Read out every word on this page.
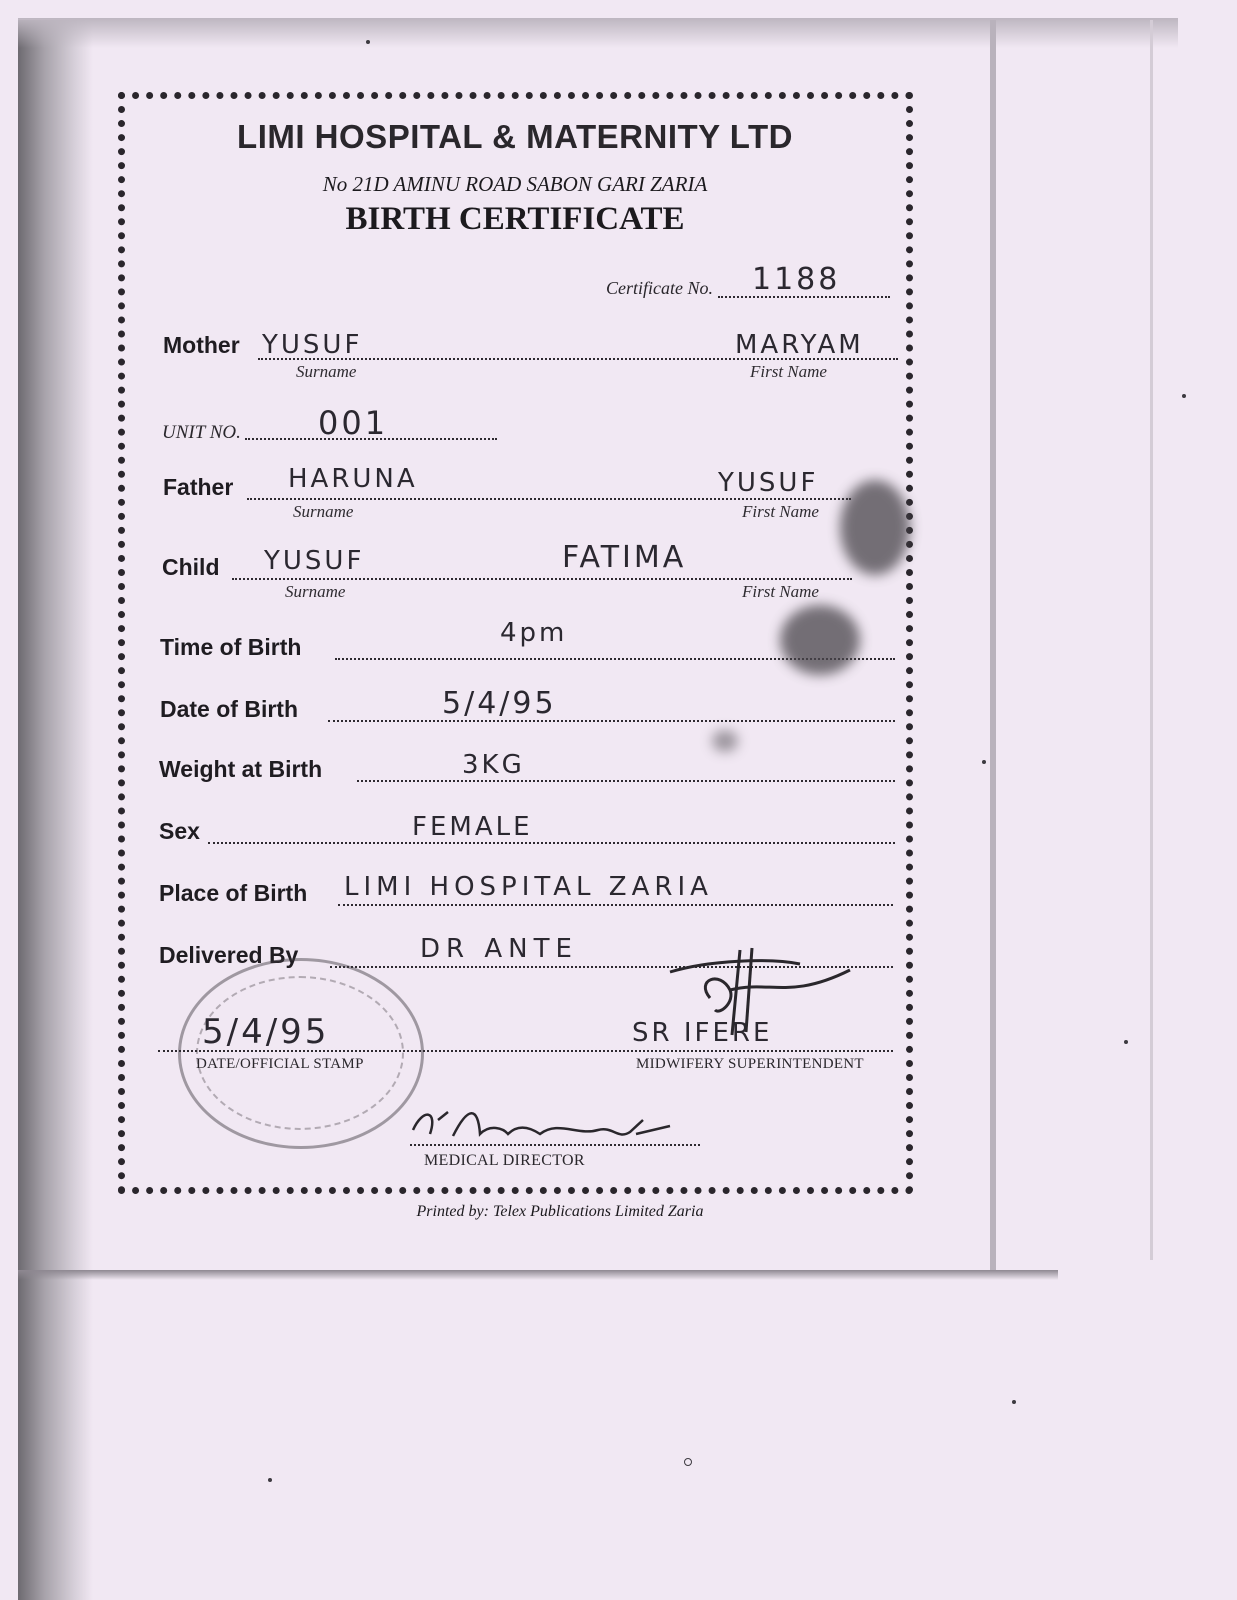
LIMI HOSPITAL & MATERNITY LTD
No 21D AMINU ROAD SABON GARI ZARIA
BIRTH CERTIFICATE
Certificate No. 1188
Mother YUSUF	MARYAM
Surname	First Name
UNIT NO. 001
Father HARUNA	YUSUF
Surname	First Name
Child YUSUF	FATIMA
Surname	First Name
Time of Birth	4pm
Date of Birth	5/4/95
Weight at Birth	3KG
Sex	FEMALE
Place of Birth LIMI HOSPITAL ZARIA
Delivered By	DR ANTE
5/4/95	SR IFERE
DATE/OFFICIAL STAMP	MIDWIFERY SUPERINTENDENT
MEDICAL DIRECTOR
Printed by: Telex Publications Limited Zaria
